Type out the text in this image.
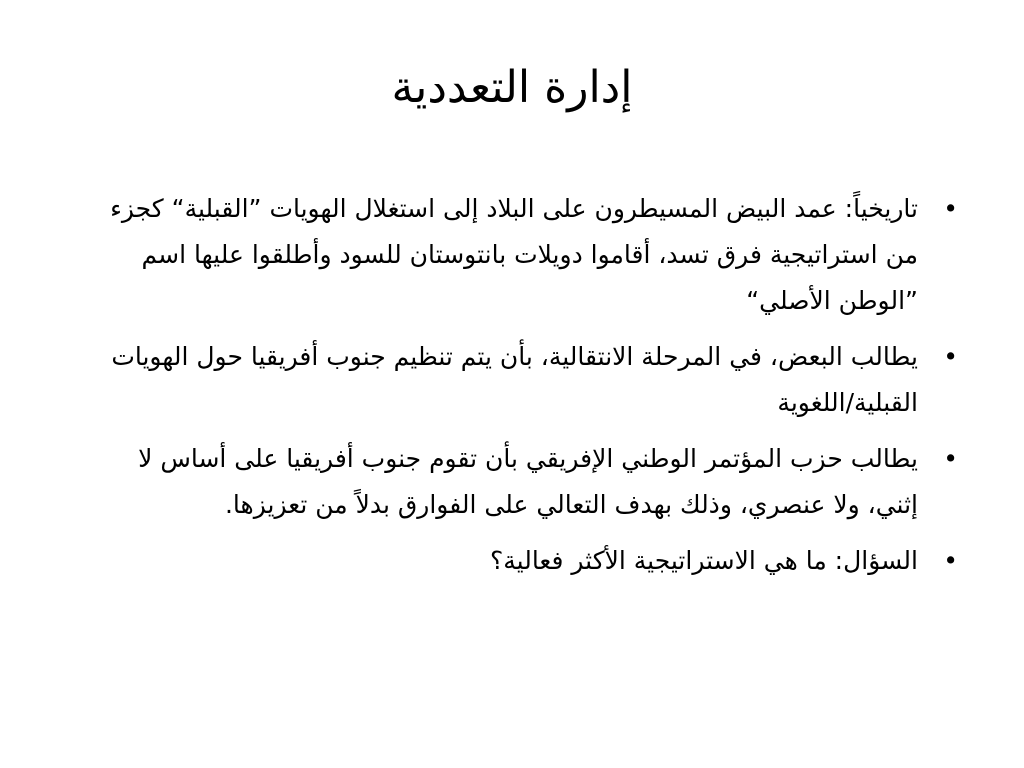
إدارة التعددية
•
تاريخياً: عمد البيض المسيطرون على البلاد إلى استغلال الهويات ”القبلية“ كجزء من استراتيجية فرق تسد، أقاموا دويلات بانتوستان للسود وأطلقوا عليها اسم ”الوطن الأصلي“
•
يطالب البعض، في المرحلة الانتقالية، بأن يتم تنظيم جنوب أفريقيا حول الهويات القبلية/اللغوية
•
يطالب حزب المؤتمر الوطني الإفريقي بأن تقوم جنوب أفريقيا على أساس لا إثني، ولا عنصري، وذلك بهدف التعالي على الفوارق بدلاً من تعزيزها.
•
السؤال: ما هي الاستراتيجية الأكثر فعالية؟
